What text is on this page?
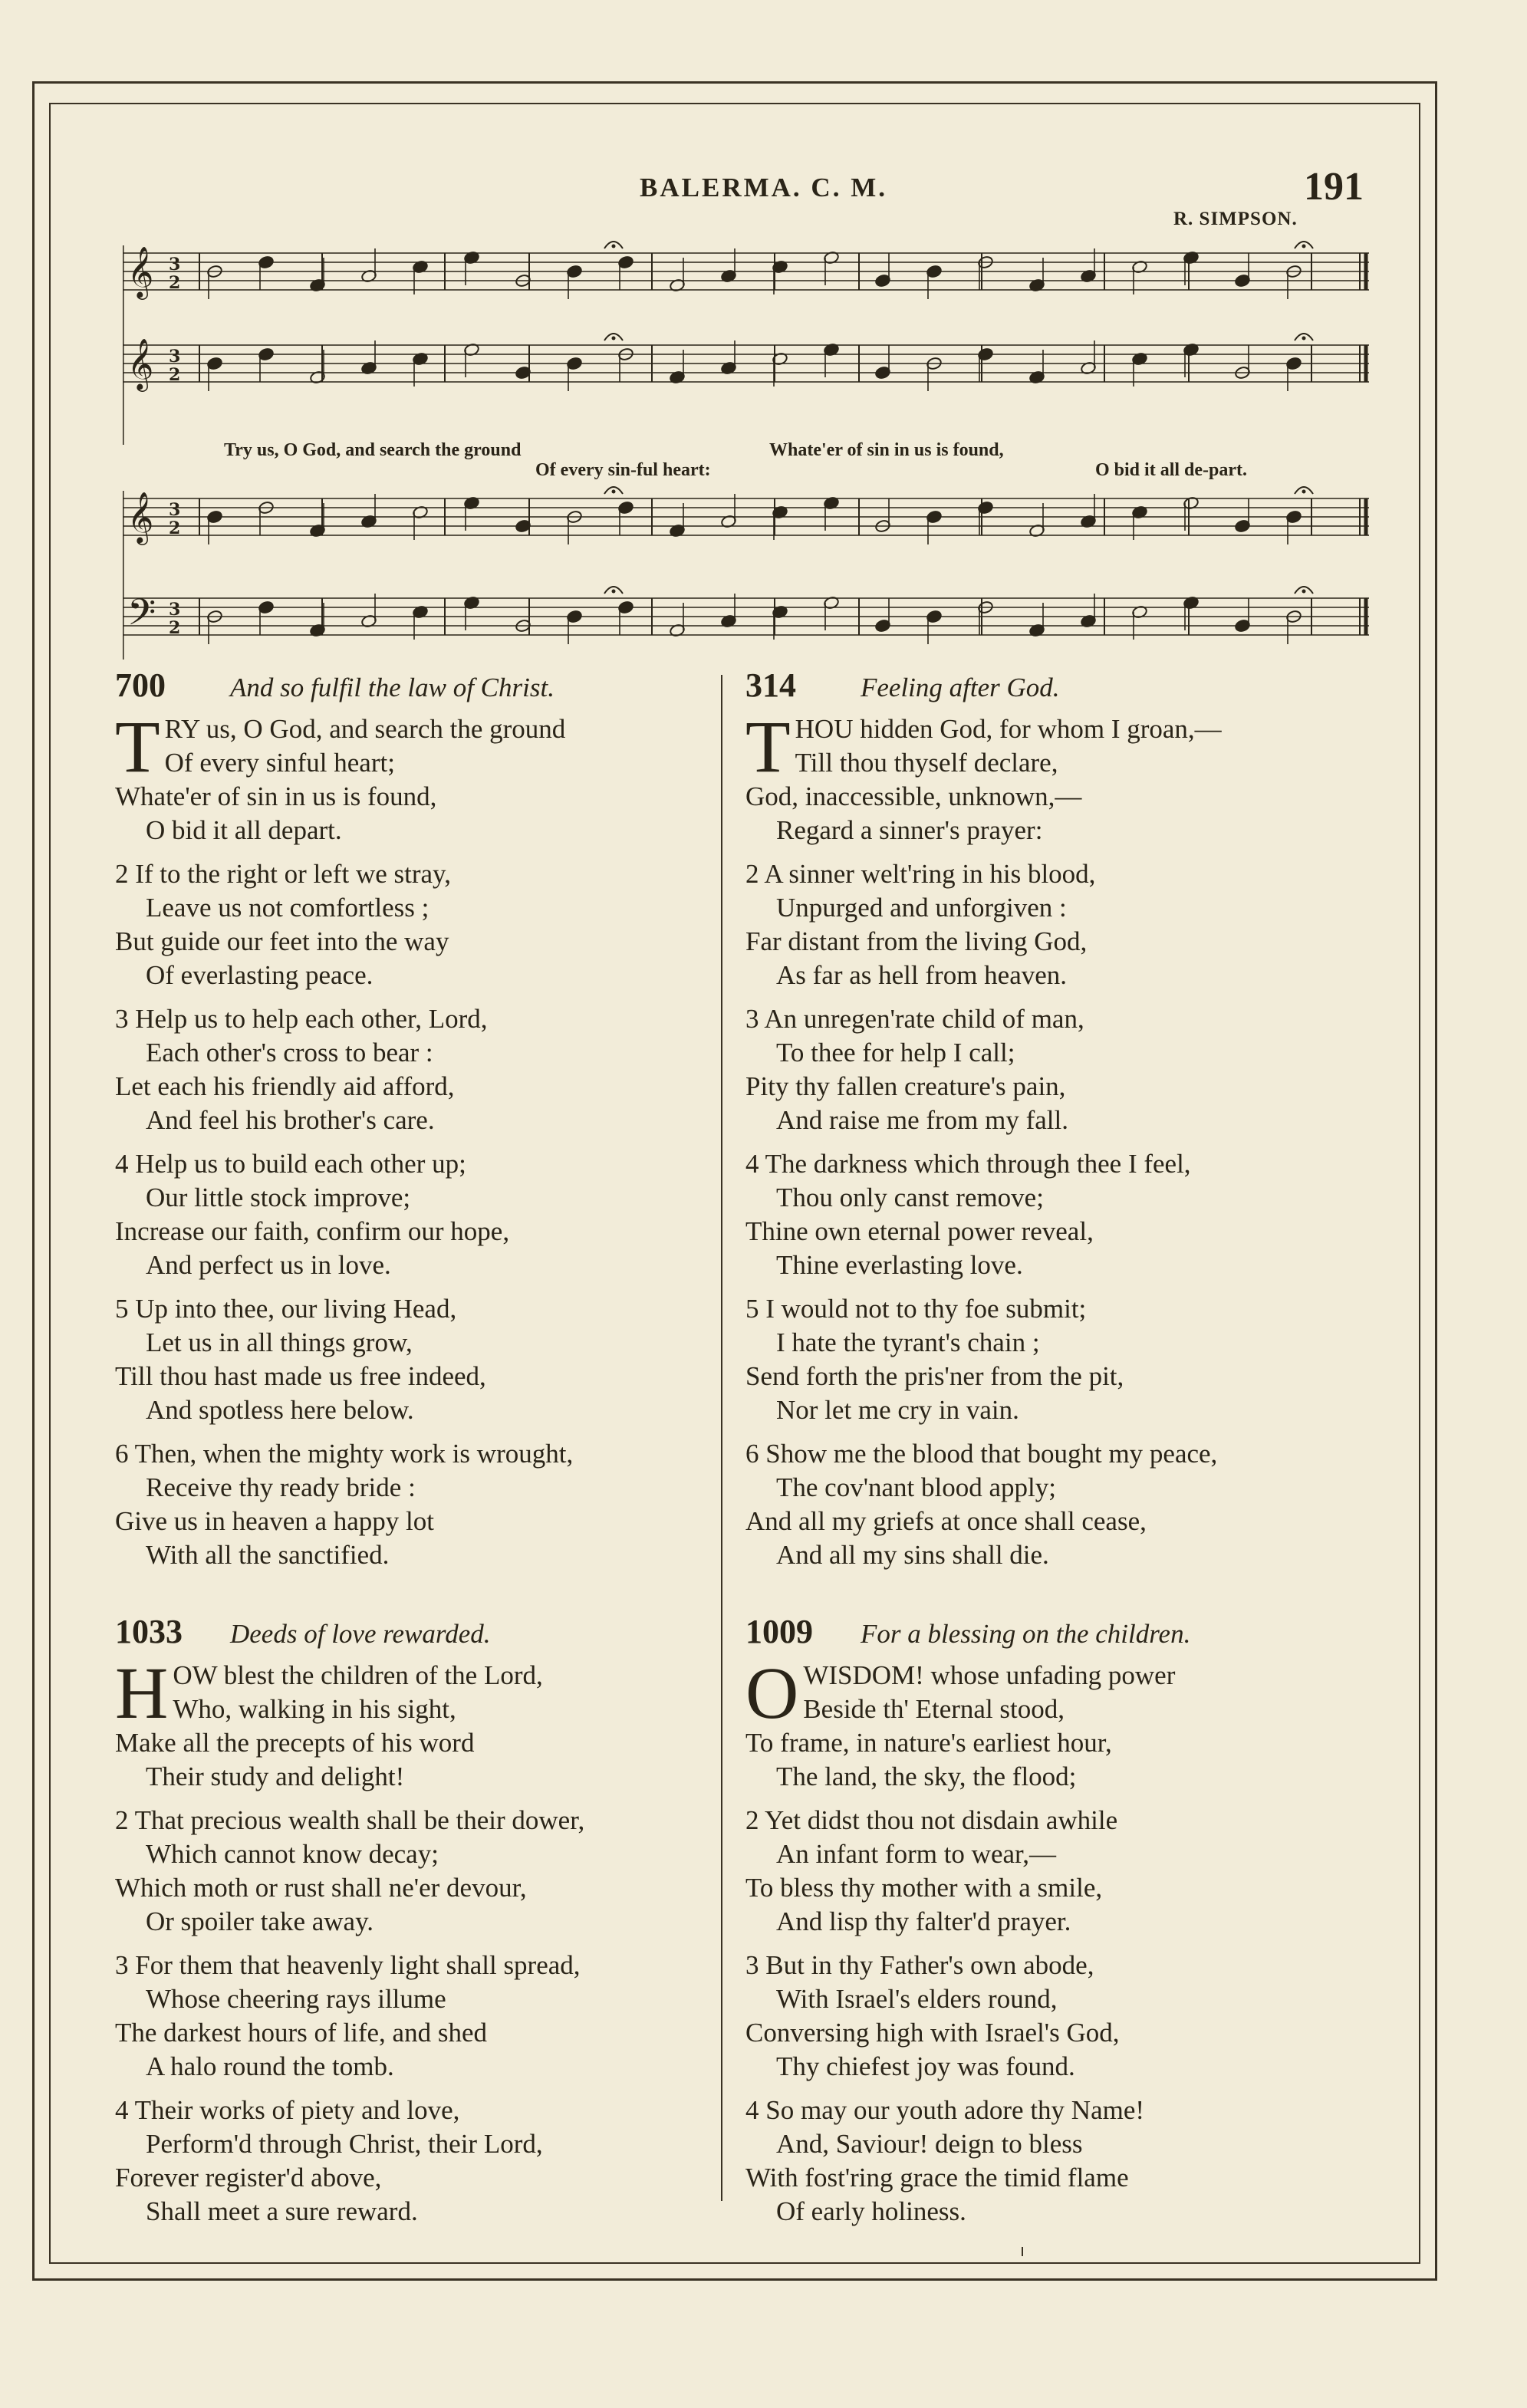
BALERMA. C. M.	191
R. SIMPSON.
𝄞 3
2
𝄞 3
2
𝄞 3
2
𝄢 3
2
Try us, O God, and search the ground	Whate'er of sin in us is found,
Of every sin-ful heart:	O bid it all de-part.
700	And so fulfil the law of Christ.
T RY us, O God, and search the ground
Of every sinful heart;
Whate'er of sin in us is found,
O bid it all depart.
2 If to the right or left we stray,
Leave us not comfortless ;
But guide our feet into the way
Of everlasting peace.
3 Help us to help each other, Lord,
Each other's cross to bear :
Let each his friendly aid afford,
And feel his brother's care.
4 Help us to build each other up;
Our little stock improve;
Increase our faith, confirm our hope,
And perfect us in love.
5 Up into thee, our living Head,
Let us in all things grow,
Till thou hast made us free indeed,
And spotless here below.
6 Then, when the mighty work is wrought,
Receive thy ready bride :
Give us in heaven a happy lot
With all the sanctified.
1033	Deeds of love rewarded.
H OW blest the children of the Lord,
Who, walking in his sight,
Make all the precepts of his word
Their study and delight!
2 That precious wealth shall be their dower,
Which cannot know decay;
Which moth or rust shall ne'er devour,
Or spoiler take away.
3 For them that heavenly light shall spread,
Whose cheering rays illume
The darkest hours of life, and shed
A halo round the tomb.
4 Their works of piety and love,
Perform'd through Christ, their Lord,
Forever register'd above,
Shall meet a sure reward.
314	Feeling after God.
T HOU hidden God, for whom I groan,—
Till thou thyself declare,
God, inaccessible, unknown,—
Regard a sinner's prayer:
2 A sinner welt'ring in his blood,
Unpurged and unforgiven :
Far distant from the living God,
As far as hell from heaven.
3 An unregen'rate child of man,
To thee for help I call;
Pity thy fallen creature's pain,
And raise me from my fall.
4 The darkness which through thee I feel,
Thou only canst remove;
Thine own eternal power reveal,
Thine everlasting love.
5 I would not to thy foe submit;
I hate the tyrant's chain ;
Send forth the pris'ner from the pit,
Nor let me cry in vain.
6 Show me the blood that bought my peace,
The cov'nant blood apply;
And all my griefs at once shall cease,
And all my sins shall die.
1009	For a blessing on the children.
O WISDOM! whose unfading power
Beside th' Eternal stood,
To frame, in nature's earliest hour,
The land, the sky, the flood;
2 Yet didst thou not disdain awhile
An infant form to wear,—
To bless thy mother with a smile,
And lisp thy falter'd prayer.
3 But in thy Father's own abode,
With Israel's elders round,
Conversing high with Israel's God,
Thy chiefest joy was found.
4 So may our youth adore thy Name!
And, Saviour! deign to bless
With fost'ring grace the timid flame
Of early holiness.
